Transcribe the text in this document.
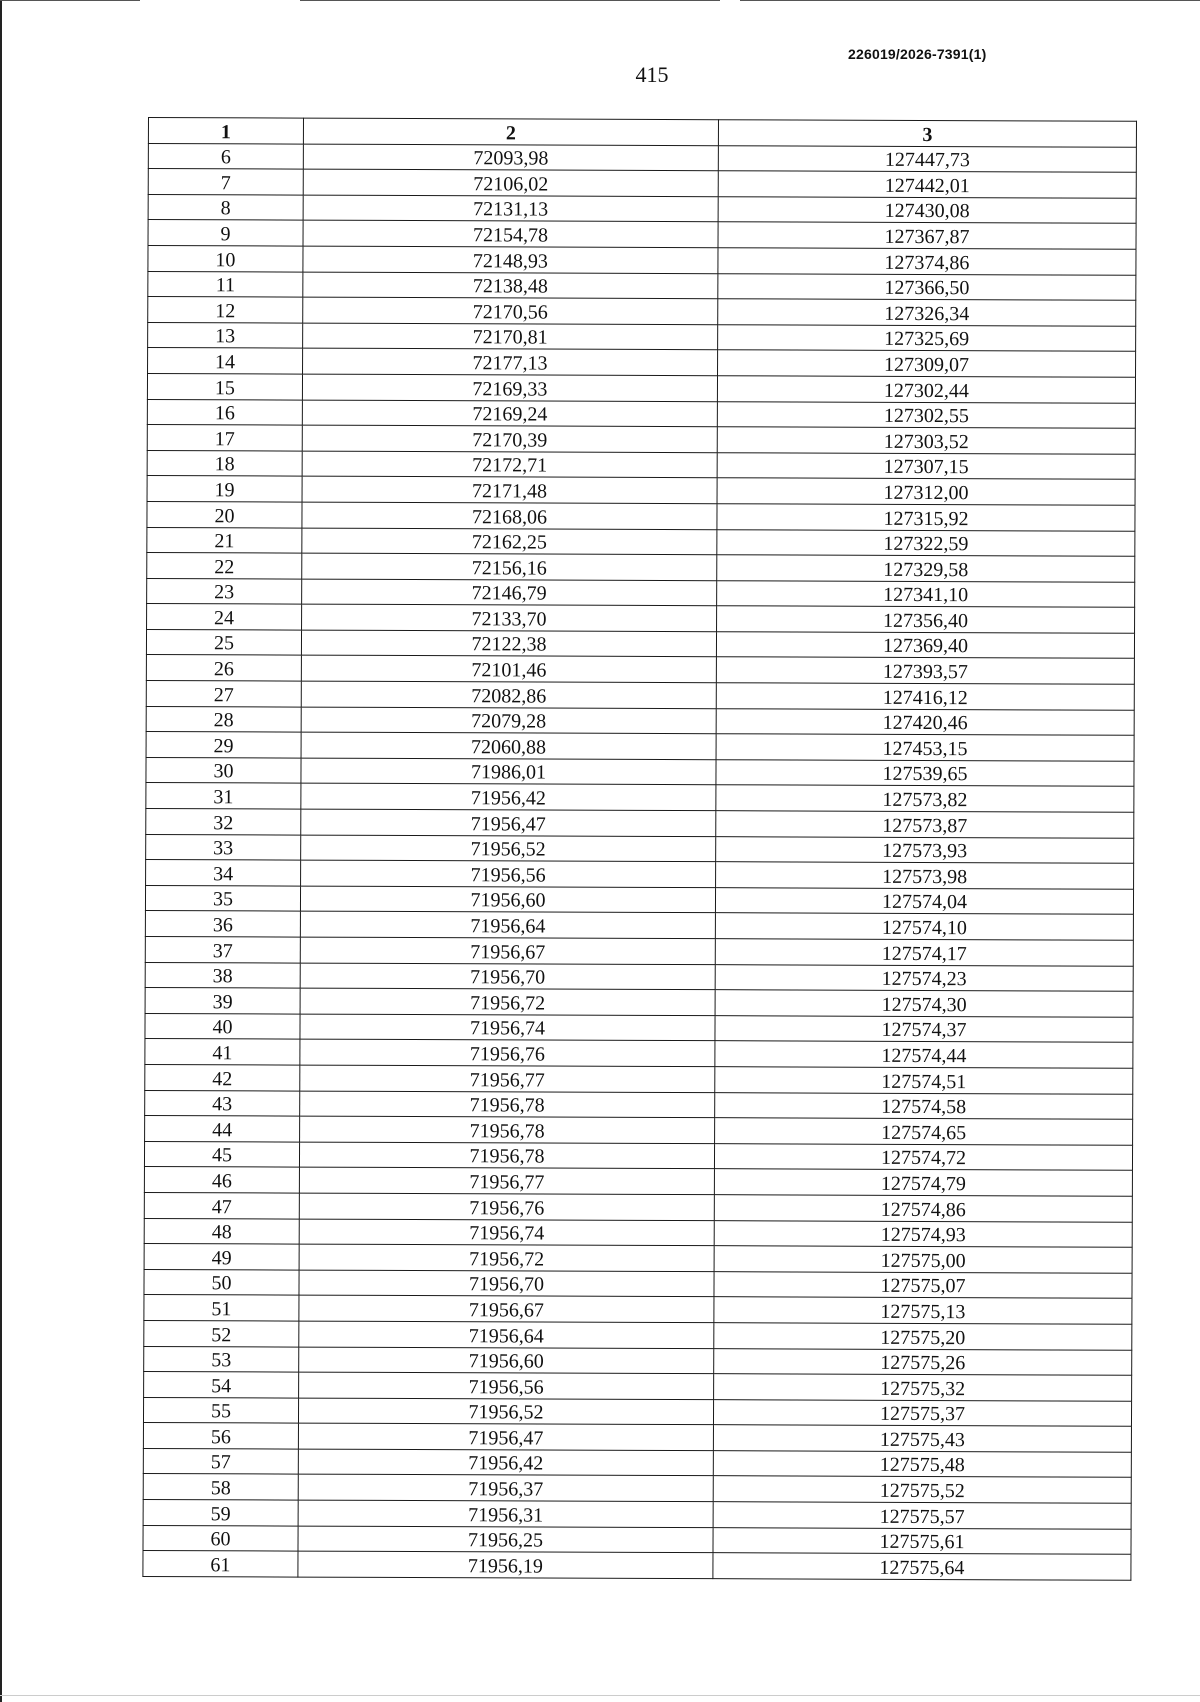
226019/2026-7391(1)
415
1	2	3
6	72093,98	127447,73
7	72106,02	127442,01
8	72131,13	127430,08
9	72154,78	127367,87
10	72148,93	127374,86
11	72138,48	127366,50
12	72170,56	127326,34
13	72170,81	127325,69
14	72177,13	127309,07
15	72169,33	127302,44
16	72169,24	127302,55
17	72170,39	127303,52
18	72172,71	127307,15
19	72171,48	127312,00
20	72168,06	127315,92
21	72162,25	127322,59
22	72156,16	127329,58
23	72146,79	127341,10
24	72133,70	127356,40
25	72122,38	127369,40
26	72101,46	127393,57
27	72082,86	127416,12
28	72079,28	127420,46
29	72060,88	127453,15
30	71986,01	127539,65
31	71956,42	127573,82
32	71956,47	127573,87
33	71956,52	127573,93
34	71956,56	127573,98
35	71956,60	127574,04
36	71956,64	127574,10
37	71956,67	127574,17
38	71956,70	127574,23
39	71956,72	127574,30
40	71956,74	127574,37
41	71956,76	127574,44
42	71956,77	127574,51
43	71956,78	127574,58
44	71956,78	127574,65
45	71956,78	127574,72
46	71956,77	127574,79
47	71956,76	127574,86
48	71956,74	127574,93
49	71956,72	127575,00
50	71956,70	127575,07
51	71956,67	127575,13
52	71956,64	127575,20
53	71956,60	127575,26
54	71956,56	127575,32
55	71956,52	127575,37
56	71956,47	127575,43
57	71956,42	127575,48
58	71956,37	127575,52
59	71956,31	127575,57
60	71956,25	127575,61
61	71956,19	127575,64
